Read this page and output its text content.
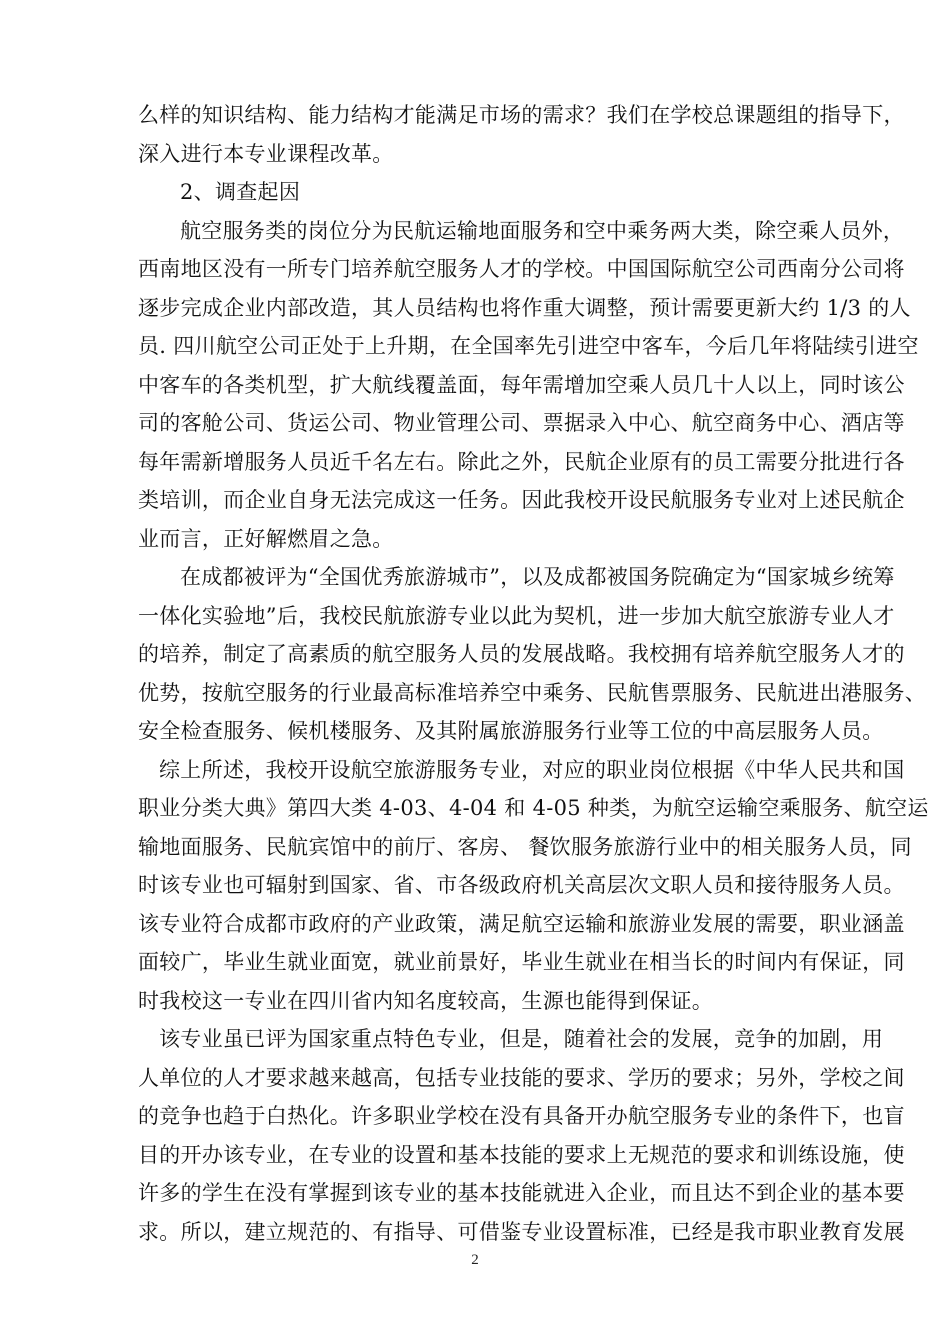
么样的知识结构、能力结构才能满足市场的需求？我们在学校总课题组的指导下，
深入进行本专业课程改革。
2、调查起因
航空服务类的岗位分为民航运输地面服务和空中乘务两大类，除空乘人员外，
西南地区没有一所专门培养航空服务人才的学校。中国国际航空公司西南分公司将
逐步完成企业内部改造，其人员结构也将作重大调整，预计需要更新大约 1/3 的人
员. 四川航空公司正处于上升期，在全国率先引进空中客车，今后几年将陆续引进空
中客车的各类机型，扩大航线覆盖面，每年需增加空乘人员几十人以上，同时该公
司的客舱公司、货运公司、物业管理公司、票据录入中心、航空商务中心、酒店等
每年需新增服务人员近千名左右。除此之外，民航企业原有的员工需要分批进行各
类培训，而企业自身无法完成这一任务。因此我校开设民航服务专业对上述民航企
业而言，正好解燃眉之急。
在成都被评为“全国优秀旅游城市”，以及成都被国务院确定为“国家城乡统筹
一体化实验地”后，我校民航旅游专业以此为契机，进一步加大航空旅游专业人才
的培养，制定了高素质的航空服务人员的发展战略。我校拥有培养航空服务人才的
优势，按航空服务的行业最高标准培养空中乘务、民航售票服务、民航进出港服务、
安全检查服务、候机楼服务、及其附属旅游服务行业等工位的中高层服务人员。
综上所述，我校开设航空旅游服务专业，对应的职业岗位根据《中华人民共和国
职业分类大典》第四大类 4-03、4-04 和 4-05 种类，为航空运输空乘服务、航空运
输地面服务、民航宾馆中的前厅、客房、 餐饮服务旅游行业中的相关服务人员，同
时该专业也可辐射到国家、省、市各级政府机关高层次文职人员和接待服务人员。
该专业符合成都市政府的产业政策，满足航空运输和旅游业发展的需要，职业涵盖
面较广，毕业生就业面宽，就业前景好，毕业生就业在相当长的时间内有保证，同
时我校这一专业在四川省内知名度较高，生源也能得到保证。
该专业虽已评为国家重点特色专业，但是，随着社会的发展，竞争的加剧，用
人单位的人才要求越来越高，包括专业技能的要求、学历的要求；另外，学校之间
的竞争也趋于白热化。许多职业学校在没有具备开办航空服务专业的条件下，也盲
目的开办该专业，在专业的设置和基本技能的要求上无规范的要求和训练设施，使
许多的学生在没有掌握到该专业的基本技能就进入企业，而且达不到企业的基本要
求。所以，建立规范的、有指导、可借鉴专业设置标准，已经是我市职业教育发展
2
